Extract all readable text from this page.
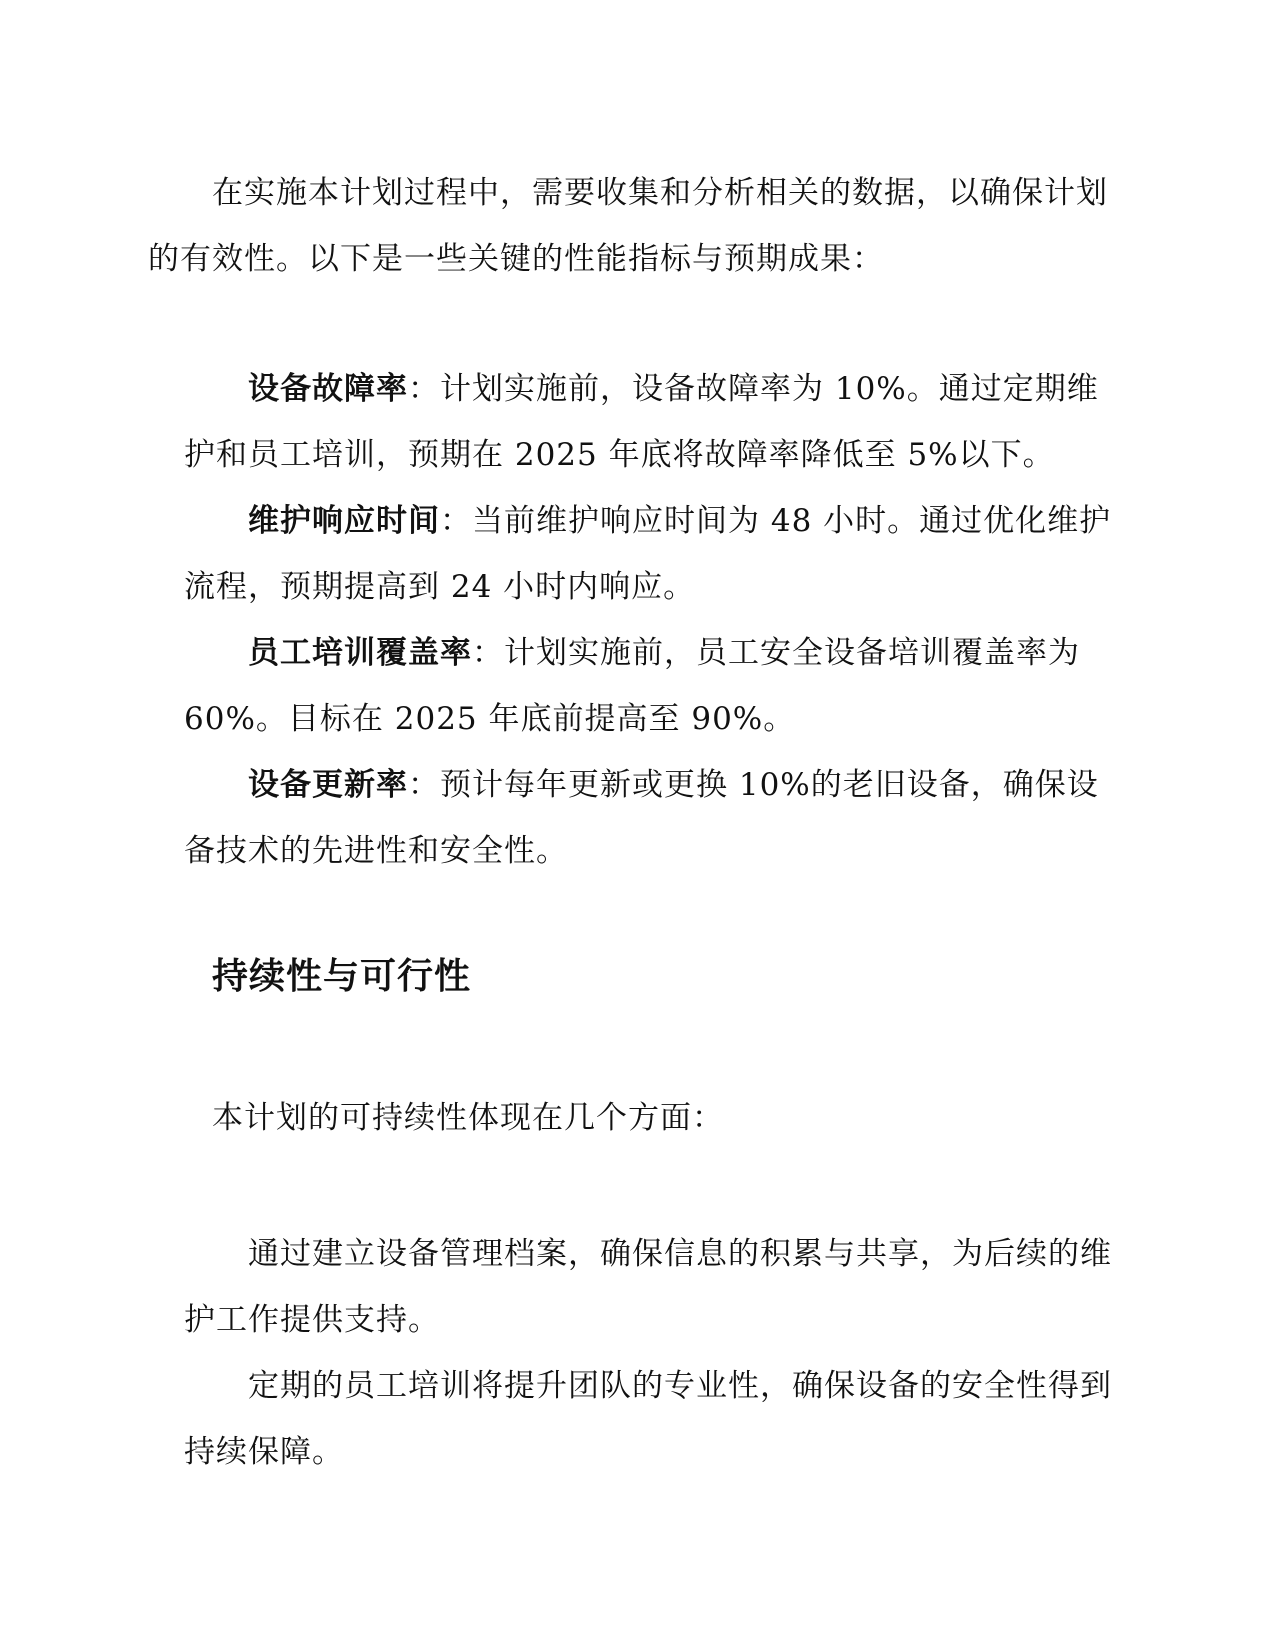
在实施本计划过程中，需要收集和分析相关的数据，以确保计划的有效性。以下是一些关键的性能指标与预期成果：

设备故障率：计划实施前，设备故障率为 10%。通过定期维护和员工培训，预期在 2025 年底将故障率降低至 5%以下。

维护响应时间：当前维护响应时间为 48 小时。通过优化维护流程，预期提高到 24 小时内响应。

员工培训覆盖率：计划实施前，员工安全设备培训覆盖率为 60%。目标在 2025 年底前提高至 90%。

设备更新率：预计每年更新或更换 10%的老旧设备，确保设备技术的先进性和安全性。

持续性与可行性

本计划的可持续性体现在几个方面：

通过建立设备管理档案，确保信息的积累与共享，为后续的维护工作提供支持。

定期的员工培训将提升团队的专业性，确保设备的安全性得到持续保障。
